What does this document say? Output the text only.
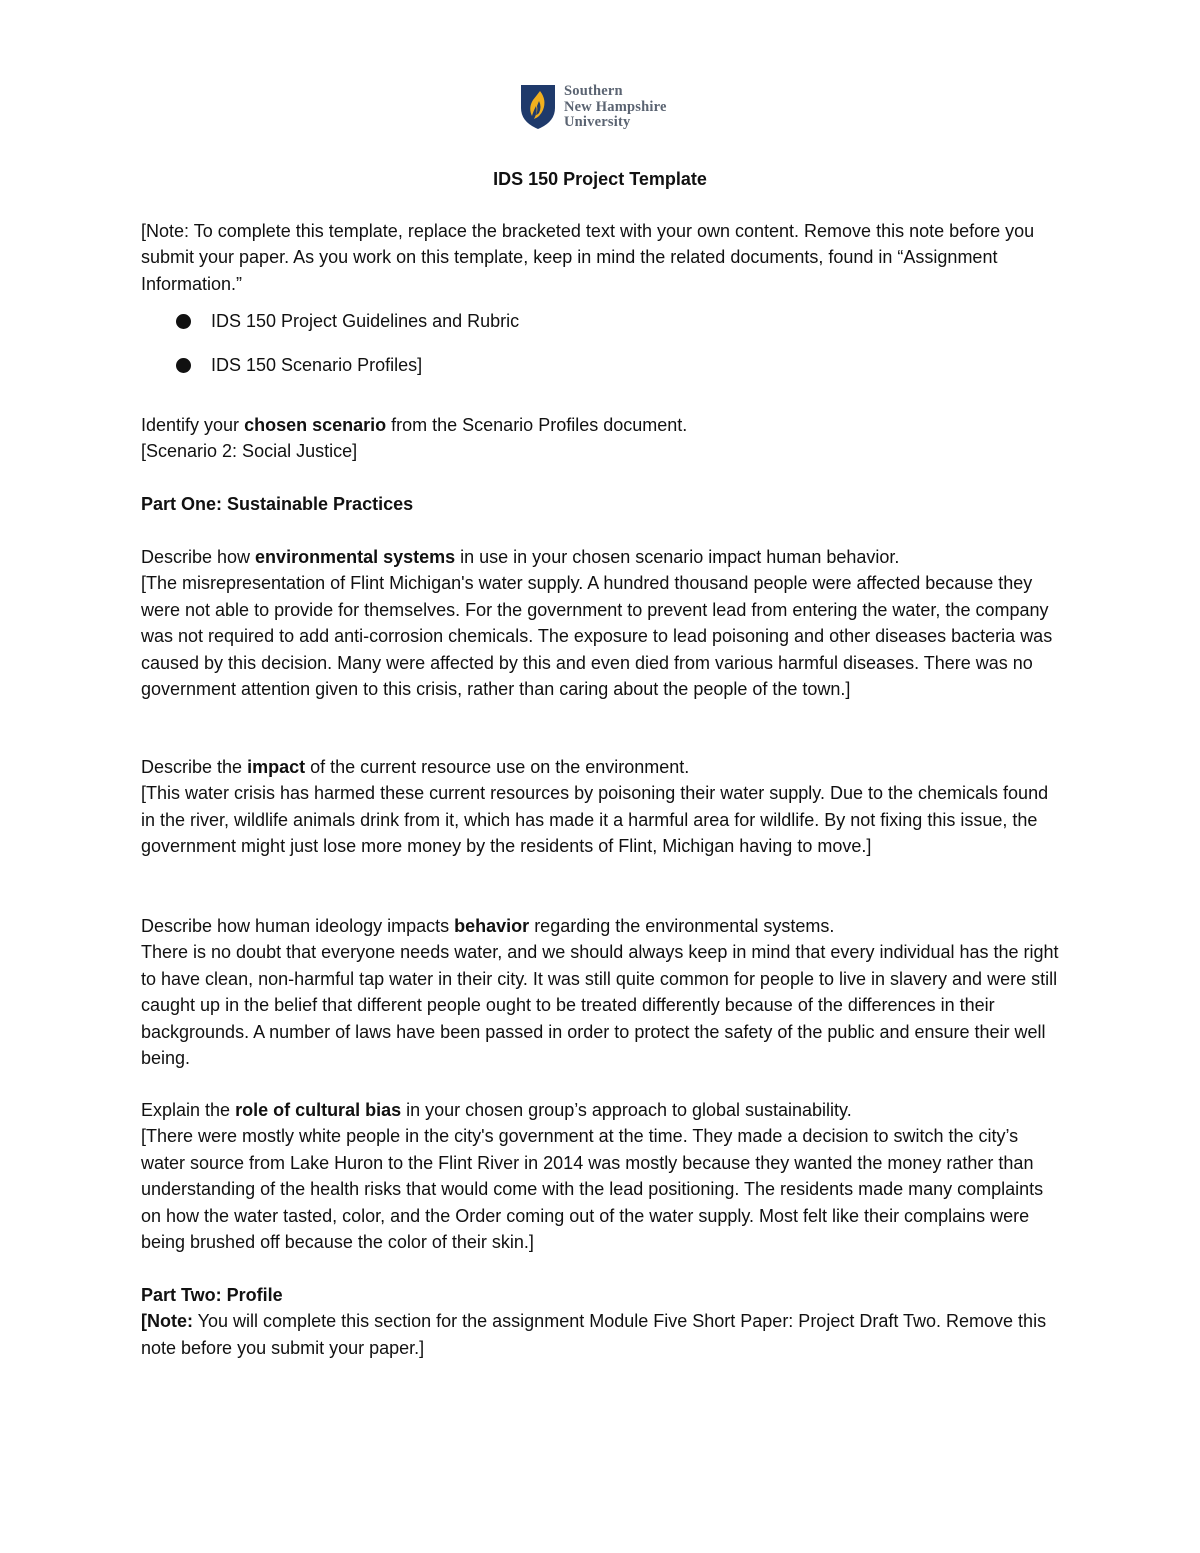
Southern
New Hampshire
University
IDS 150 Project Template

[Note: To complete this template, replace the bracketed text with your own content. Remove this note before you submit your paper. As you work on this template, keep in mind the related documents, found in “Assignment Information.”

IDS 150 Project Guidelines and Rubric
IDS 150 Scenario Profiles]

Identify your chosen scenario from the Scenario Profiles document.

[Scenario 2: Social Justice]

Part One: Sustainable Practices

Describe how environmental systems in use in your chosen scenario impact human behavior.

[The misrepresentation of Flint Michigan's water supply. A hundred thousand people were affected because they were not able to provide for themselves. For the government to prevent lead from entering the water, the company was not required to add anti-corrosion chemicals. The exposure to lead poisoning and other diseases bacteria was caused by this decision. Many were affected by this and even died from various harmful diseases. There was no government attention given to this crisis, rather than caring about the people of the town.]

Describe the impact of the current resource use on the environment.

[This water crisis has harmed these current resources by poisoning their water supply. Due to the chemicals found in the river, wildlife animals drink from it, which has made it a harmful area for wildlife. By not fixing this issue, the government might just lose more money by the residents of Flint, Michigan having to move.]

Describe how human ideology impacts behavior regarding the environmental systems.

There is no doubt that everyone needs water, and we should always keep in mind that every individual has the right to have clean, non-harmful tap water in their city. It was still quite common for people to live in slavery and were still caught up in the belief that different people ought to be treated differently because of the differences in their backgrounds. A number of laws have been passed in order to protect the safety of the public and ensure their well being.

Explain the role of cultural bias in your chosen group’s approach to global sustainability.

[There were mostly white people in the city's government at the time. They made a decision to switch the city’s water source from Lake Huron to the Flint River in 2014 was mostly because they wanted the money rather than understanding of the health risks that would come with the lead positioning. The residents made many complaints on how the water tasted, color, and the Order coming out of the water supply. Most felt like their complains were being brushed off because the color of their skin.]

Part Two: Profile

[Note: You will complete this section for the assignment Module Five Short Paper: Project Draft Two. Remove this note before you submit your paper.]
